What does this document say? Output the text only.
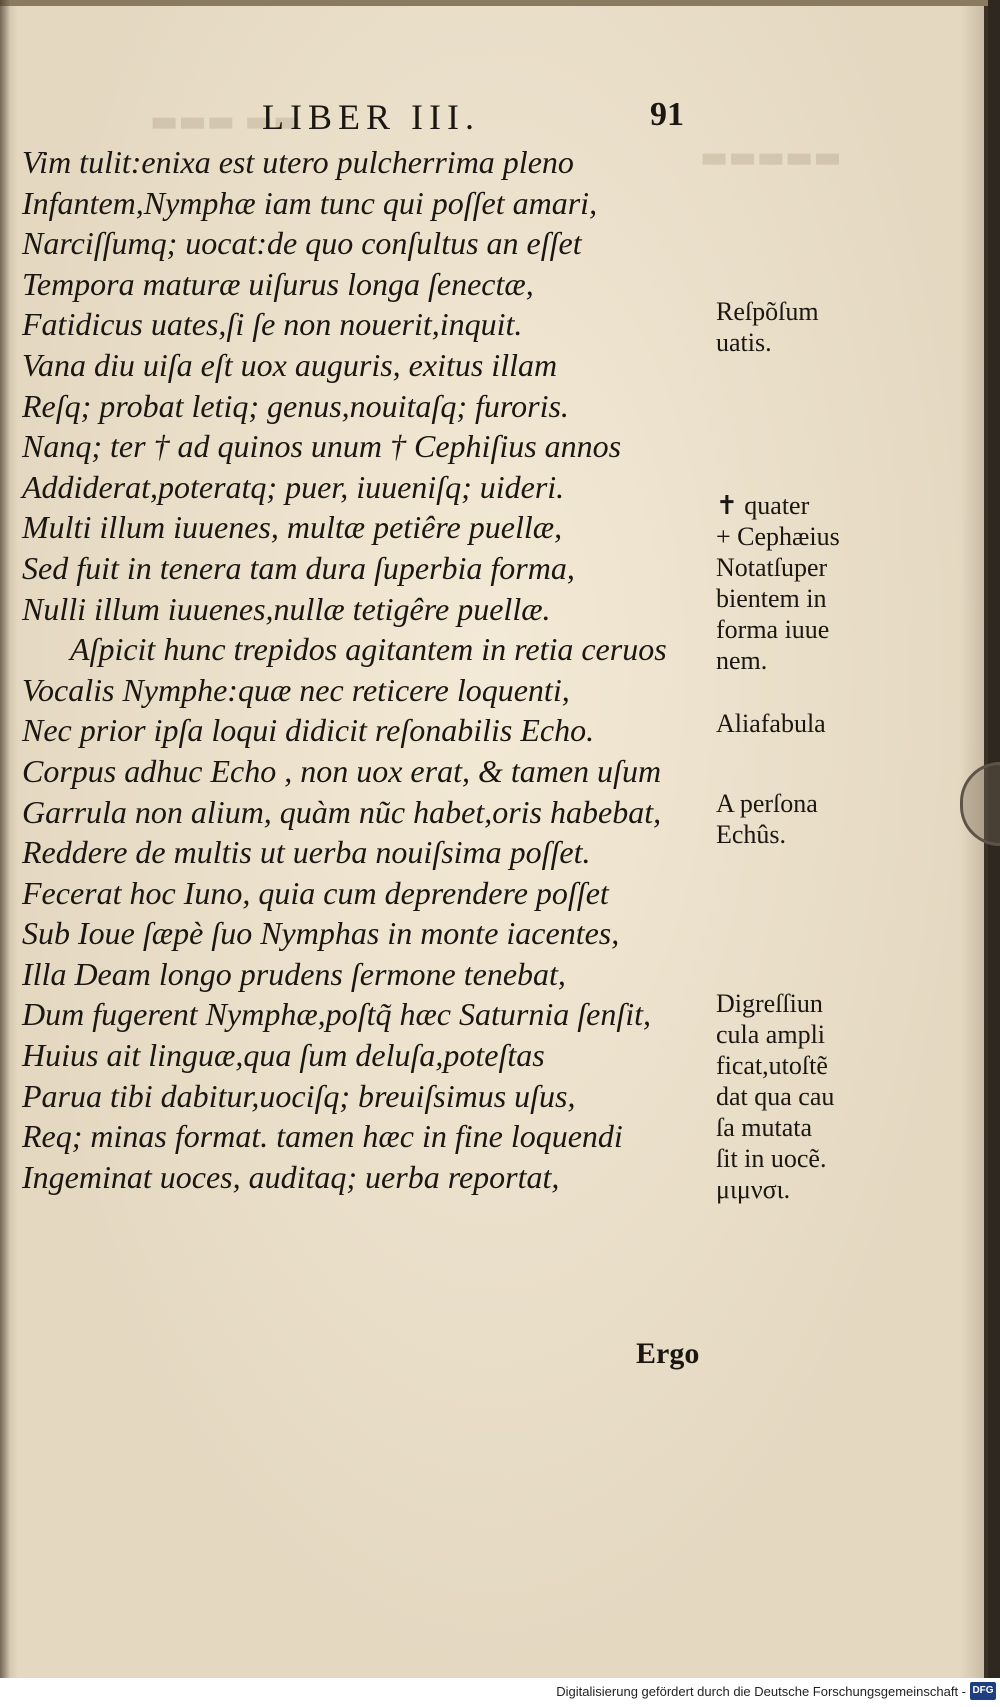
▬▬▬ ▬▬
▬▬▬▬▬
LIBER III.	91
Vim tulit:enixa est utero pulcherrima pleno
Infantem,Nymphæ iam tunc qui poſſet amari,
Narciſſumq; uocat:de quo conſultus an eſſet
Tempora maturæ uiſurus longa ſenectæ,
Fatidicus uates,ſi ſe non nouerit,inquit.
Vana diu uiſa eſt uox auguris, exitus illam
Reſq; probat letiq; genus,nouitaſq; furoris.
Nanq; ter † ad quinos unum † Cephiſius annos
Addiderat,poteratq; puer, iuueniſq; uideri.
Multi illum iuuenes, multæ petiêre puellæ,
Sed fuit in tenera tam dura ſuperbia forma,
Nulli illum iuuenes,nullæ tetigêre puellæ.
Aſpicit hunc trepidos agitantem in retia ceruos
Vocalis Nymphe:quæ nec reticere loquenti,
Nec prior ipſa loqui didicit reſonabilis Echo.
Corpus adhuc Echo , non uox erat, & tamen uſum
Garrula non alium, quàm nũc habet,oris habebat,
Reddere de multis ut uerba nouiſsima poſſet.
Fecerat hoc Iuno, quia cum deprendere poſſet
Sub Ioue ſæpè ſuo Nymphas in monte iacentes,
Illa Deam longo prudens ſermone tenebat,
Dum fugerent Nymphæ,poſtq̃ hæc Saturnia ſenſit,
Huius ait linguæ,qua ſum deluſa,poteſtas
Parua tibi dabitur,uociſq; breuiſsimus uſus,
Req; minas format. tamen hæc in fine loquendi
Ingeminat uoces, auditaq; uerba reportat,
Reſpõſum
uatis.
✝ quater
+ Cephæius
Notatſuper
bientem in
forma iuue
nem.
Aliafabula
A perſona
Echûs.
Digreſſiun
cula ampli
ficat,utoſtẽ
dat qua cau
ſa mutata
ſit in uocẽ.
μιμνσι.
Ergo
Digitalisierung gefördert durch die Deutsche Forschungsgemeinschaft - DFG
